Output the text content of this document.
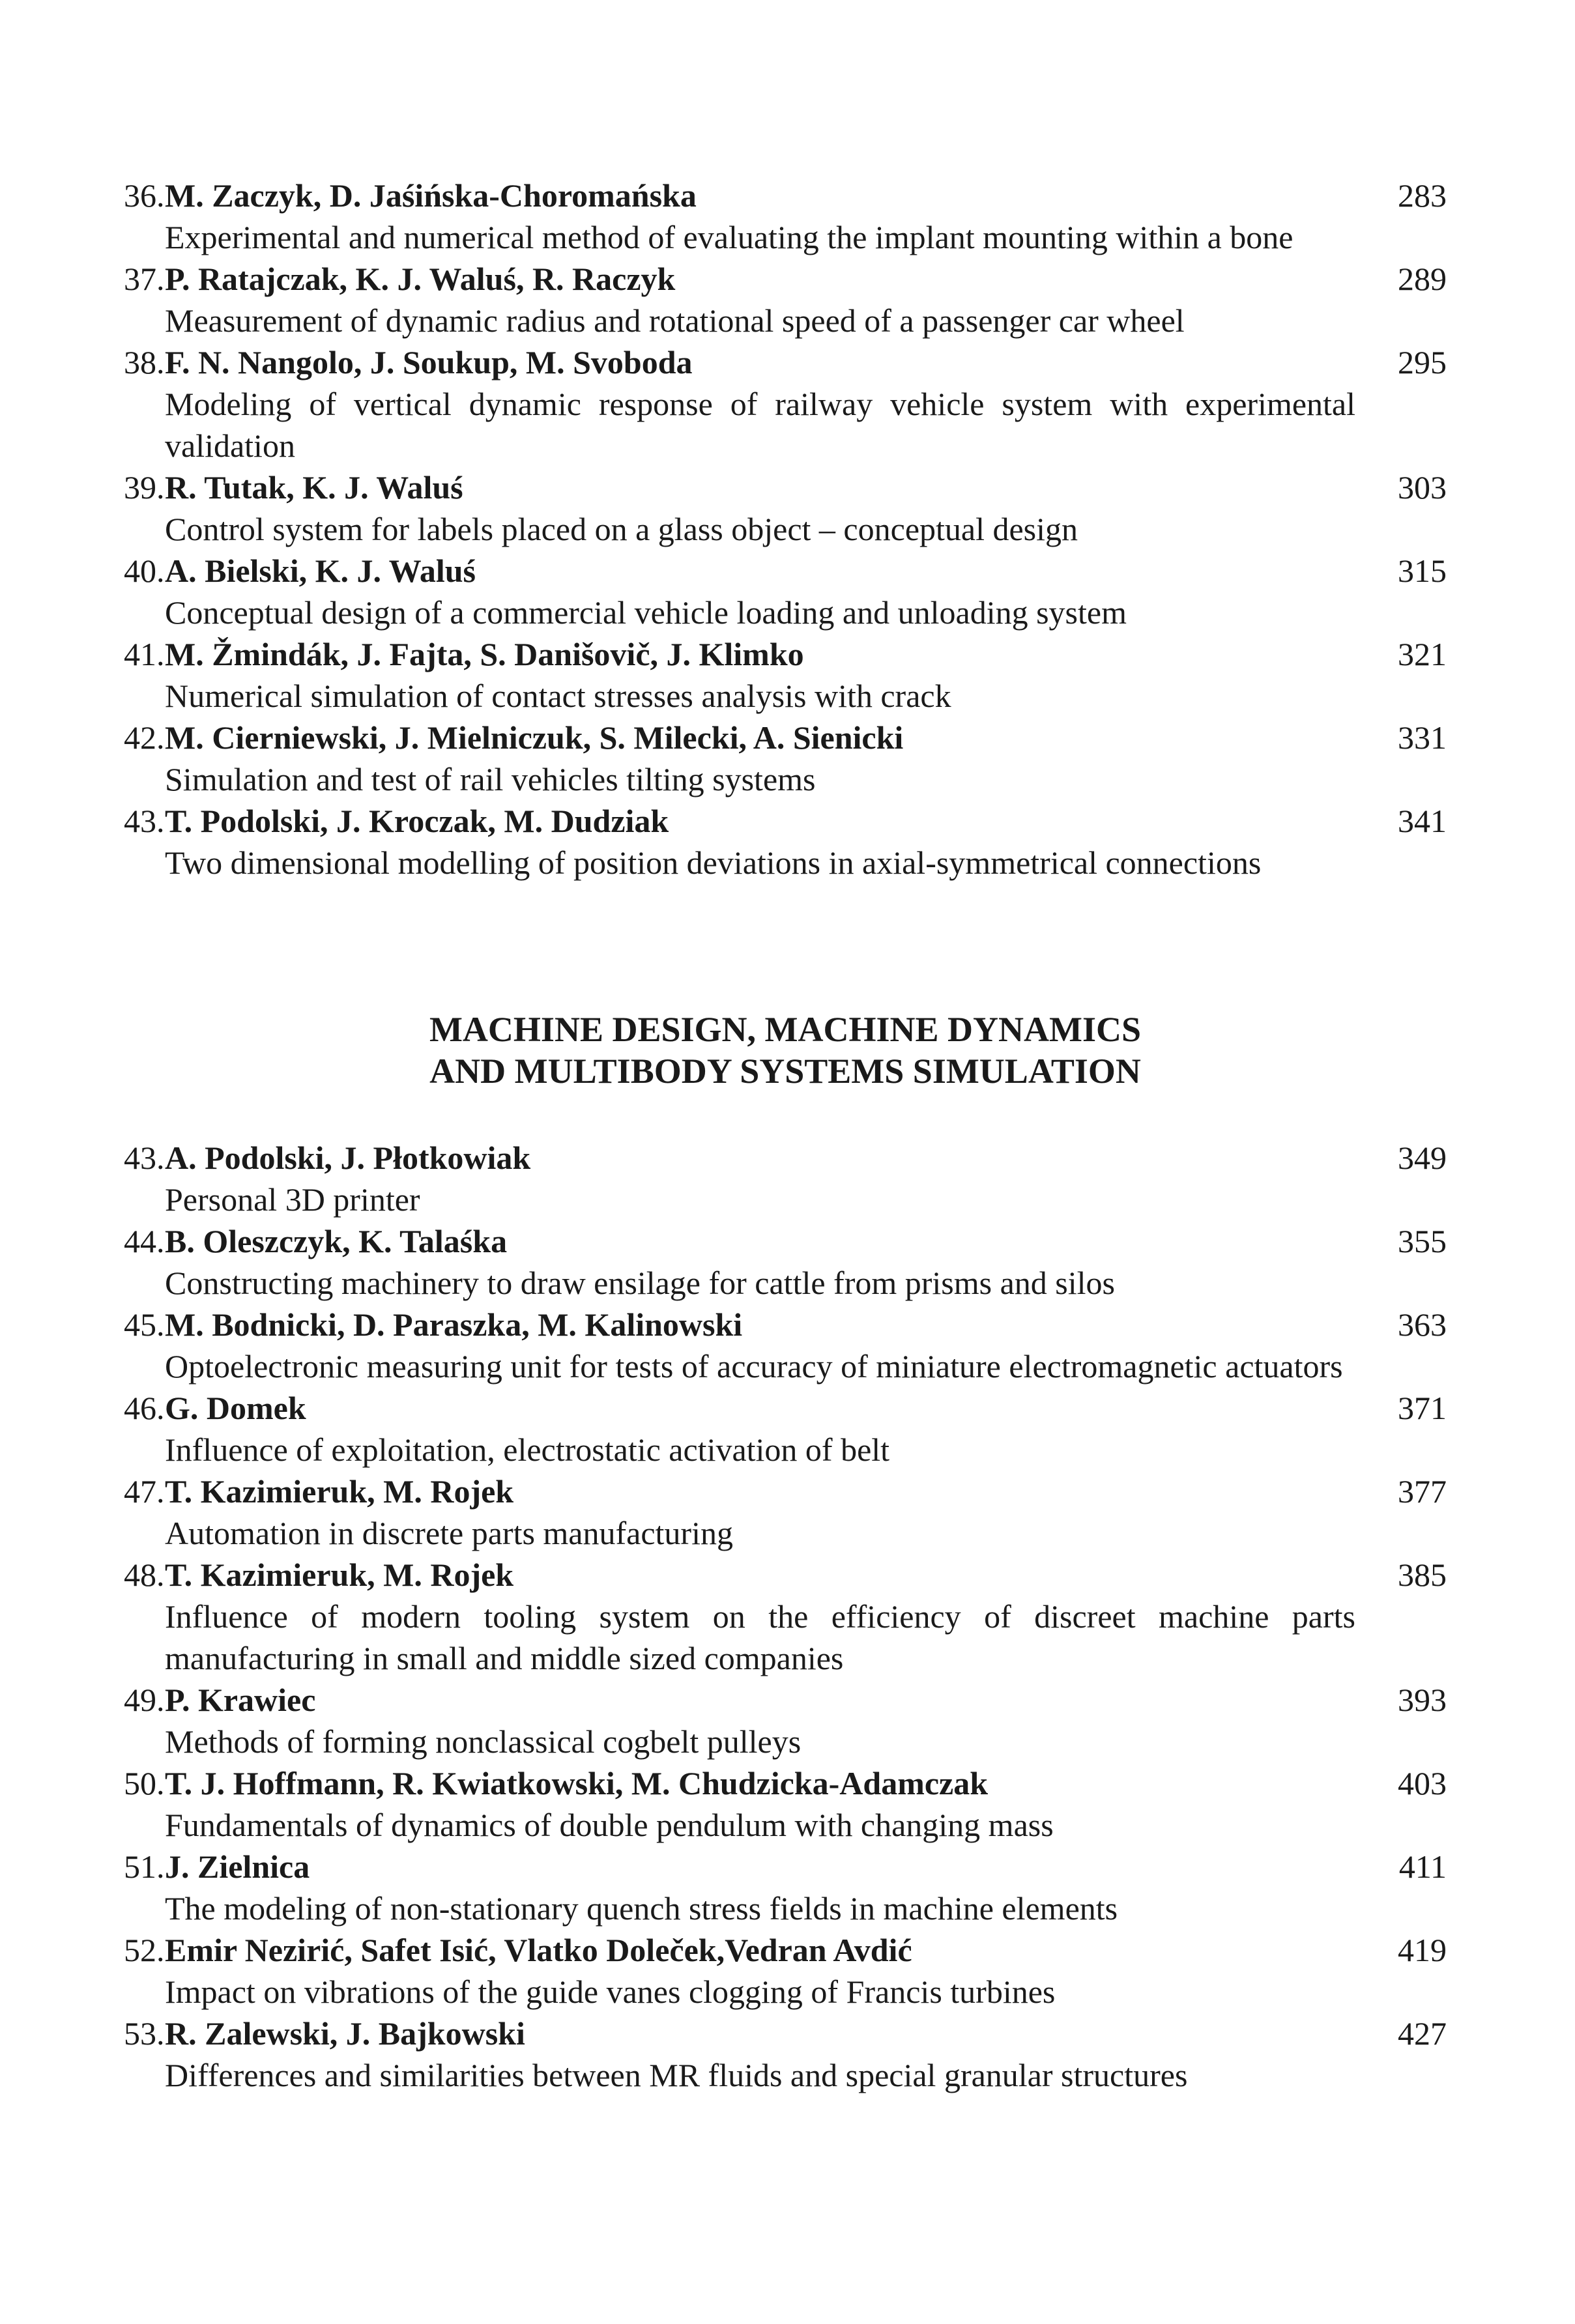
36. M. Zaczyk, D. Jaśińska-Choromańska	283
Experimental and numerical method of evaluating the implant mounting within a bone
37. P. Ratajczak, K. J. Waluś, R. Raczyk	289
Measurement of dynamic radius and rotational speed of a passenger car wheel
38. F. N. Nangolo, J. Soukup, M. Svoboda	295
Modeling of vertical dynamic response of railway vehicle system with experimental validation
39. R. Tutak, K. J. Waluś	303
Control system for labels placed on a glass object – conceptual design
40. A. Bielski, K. J. Waluś	315
Conceptual design of a commercial vehicle loading and unloading system
41. M. Žmindák, J. Fajta, S. Danišovič, J. Klimko	321
Numerical simulation of contact stresses analysis with crack
42. M. Cierniewski, J. Mielniczuk, S. Milecki, A. Sienicki	331
Simulation and test of rail vehicles tilting systems
43. T. Podolski, J. Kroczak, M. Dudziak	341
Two dimensional modelling of position deviations in axial-symmetrical connections
MACHINE DESIGN, MACHINE DYNAMICS
AND MULTIBODY SYSTEMS SIMULATION
43. A. Podolski, J. Płotkowiak	349
Personal 3D printer
44. B. Oleszczyk, K. Talaśka	355
Constructing machinery to draw ensilage for cattle from prisms and silos
45. M. Bodnicki, D. Paraszka, M. Kalinowski	363
Optoelectronic measuring unit for tests of accuracy of miniature electromagnetic actuators
46. G. Domek	371
Influence of exploitation, electrostatic activation of belt
47. T. Kazimieruk, M. Rojek	377
Automation in discrete parts manufacturing
48. T. Kazimieruk, M. Rojek	385
Influence of modern tooling system on the efficiency of discreet machine parts manufacturing in small and middle sized companies
49. P. Krawiec	393
Methods of forming nonclassical cogbelt pulleys
50. T. J. Hoffmann, R. Kwiatkowski, M. Chudzicka-Adamczak	403
Fundamentals of dynamics of double pendulum with changing mass
51. J. Zielnica	411
The modeling of non-stationary quench stress fields in machine elements
52. Emir Nezirić, Safet Isić, Vlatko Doleček,Vedran Avdić	419
Impact on vibrations of the guide vanes clogging of Francis turbines
53. R. Zalewski, J. Bajkowski	427
Differences and similarities between MR fluids and special granular structures
